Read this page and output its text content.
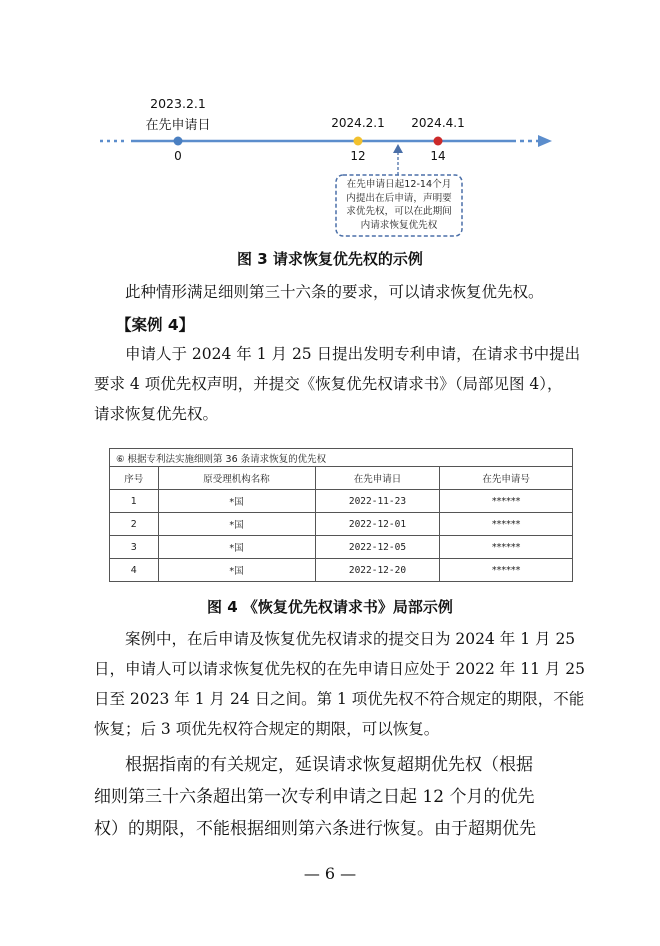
2023.2.1
在先申请日
0
2024.2.1
12
2024.4.1
14
在先申请日起12-14个月
内提出在后申请，声明要
求优先权，可以在此期间
内请求恢复优先权
图 3 请求恢复优先权的示例
此种情形满足细则第三十六条的要求，可以请求恢复优先权。
【案例 4】
申请人于 2024 年 1 月 25 日提出发明专利申请，在请求书中提出
要求 4 项优先权声明，并提交《恢复优先权请求书》（局部见图 4），
请求恢复优先权。
⑥ 根据专利法实施细则第 36 条请求恢复的优先权			
序号	原受理机构名称	在先申请日	在先申请号
1	*国	2022-11-23	******
2	*国	2022-12-01	******
3	*国	2022-12-05	******
4	*国	2022-12-20	******
图 4 《恢复优先权请求书》局部示例
案例中，在后申请及恢复优先权请求的提交日为 2024 年 1 月 25
日，申请人可以请求恢复优先权的在先申请日应处于 2022 年 11 月 25
日至 2023 年 1 月 24 日之间。第 1 项优先权不符合规定的期限，不能
恢复；后 3 项优先权符合规定的期限，可以恢复。
根据指南的有关规定，延误请求恢复超期优先权（根据
细则第三十六条超出第一次专利申请之日起 12 个月的优先
权）的期限，不能根据细则第六条进行恢复。由于超期优先
— 6 —
